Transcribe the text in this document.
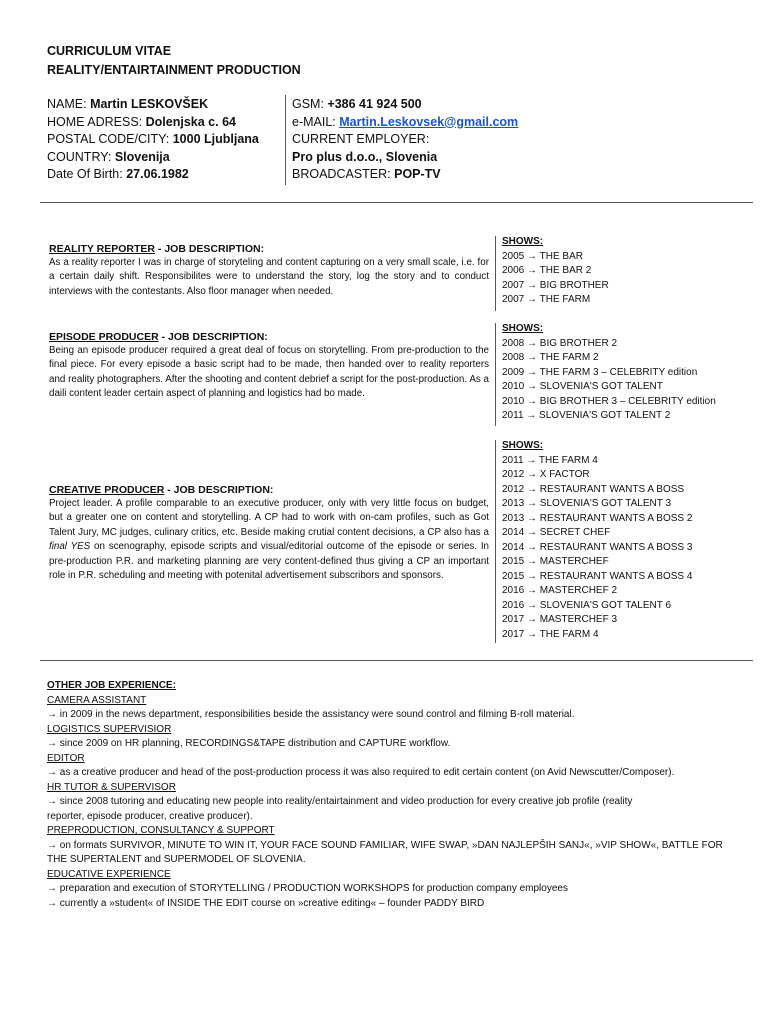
CURRICULUM VITAE
REALITY/ENTAIRTAINMENT PRODUCTION
NAME: Martin LESKOVŠEK
HOME ADRESS: Dolenjska c. 64
POSTAL CODE/CITY: 1000 Ljubljana
COUNTRY: Slovenija
Date Of Birth: 27.06.1982
GSM: +386 41 924 500
e-MAIL: Martin.Leskovsek@gmail.com
CURRENT EMPLOYER:
Pro plus d.o.o., Slovenia
BROADCASTER: POP-TV
REALITY REPORTER - JOB DESCRIPTION:
As a reality reporter I was in charge of storyteling and content capturing on a very small scale, i.e. for a certain daily shift. Responsibilites were to understand the story, log the story and to conduct interviews with the contestants. Also floor manager when needed.
EPISODE PRODUCER - JOB DESCRIPTION:
Being an episode producer required a great deal of focus on storytelling. From pre-production to the final piece. For every episode a basic script had to be made, then handed over to reality reporters and reality photographers. After the shooting and content debrief a script for the post-production. As a daili content leader certain aspect of planning and logistics had bo made.
CREATIVE PRODUCER - JOB DESCRIPTION:
Project leader. A profile comparable to an executive producer, only with very little focus on budget, but a greater one on content and storytelling. A CP had to work with on-cam profiles, such as Got Talent Jury, MC judges, culinary critics, etc. Beside making crutial content decisions, a CP also has a final YES on scenography, episode scripts and visual/editorial outcome of the episode or series. In pre-production P.R. and marketing planning are very content-defined thus giving a CP an important role in P.R. scheduling and meeting with potenital advertisement subscribors and sponsors.
SHOWS:
2005 → THE BAR
2006 → THE BAR 2
2007 → BIG BROTHER
2007 → THE FARM
SHOWS:
2008 → BIG BROTHER 2
2008 → THE FARM 2
2009 → THE FARM 3 – CELEBRITY edition
2010 → SLOVENIA'S GOT TALENT
2010 → BIG BROTHER 3 – CELEBRITY edition
2011 → SLOVENIA'S GOT TALENT 2
SHOWS:
2011 → THE FARM 4
2012 → X FACTOR
2012 → RESTAURANT WANTS A BOSS
2013 → SLOVENIA'S GOT TALENT 3
2013 → RESTAURANT WANTS A BOSS 2
2014 → SECRET CHEF
2014 → RESTAURANT WANTS A BOSS 3
2015 → MASTERCHEF
2015 → RESTAURANT WANTS A BOSS 4
2016 → MASTERCHEF 2
2016 → SLOVENIA'S GOT TALENT 6
2017 → MASTERCHEF 3
2017 → THE FARM 4
OTHER JOB EXPERIENCE:
CAMERA ASSISTANT
→ in 2009 in the news department, responsibilities beside the assistancy were sound control and filming B-roll material.
LOGISTICS SUPERVISIOR
→ since 2009 on HR planning, RECORDINGS&TAPE distribution and CAPTURE workflow.
EDITOR
→ as a creative producer and head of the post-production process it was also required to edit certain content (on Avid Newscutter/Composer).
HR TUTOR & SUPERVISOR
→ since 2008 tutoring and educating new people into reality/entairtainment and video production for every creative job profile (reality
reporter, episode producer, creative producer).
PREPRODUCTION, CONSULTANCY & SUPPORT
→ on formats SURVIVOR, MINUTE TO WIN IT, YOUR FACE SOUND FAMILIAR, WIFE SWAP, »DAN NAJLEPŠIH SANJ«, »VIP SHOW«, BATTLE FOR
THE SUPERTALENT and SUPERMODEL OF SLOVENIA.
EDUCATIVE EXPERIENCE
→ preparation and execution of STORYTELLING / PRODUCTION WORKSHOPS for production company employees
→ currently a »student« of INSIDE THE EDIT course on »creative editing« – founder PADDY BIRD
